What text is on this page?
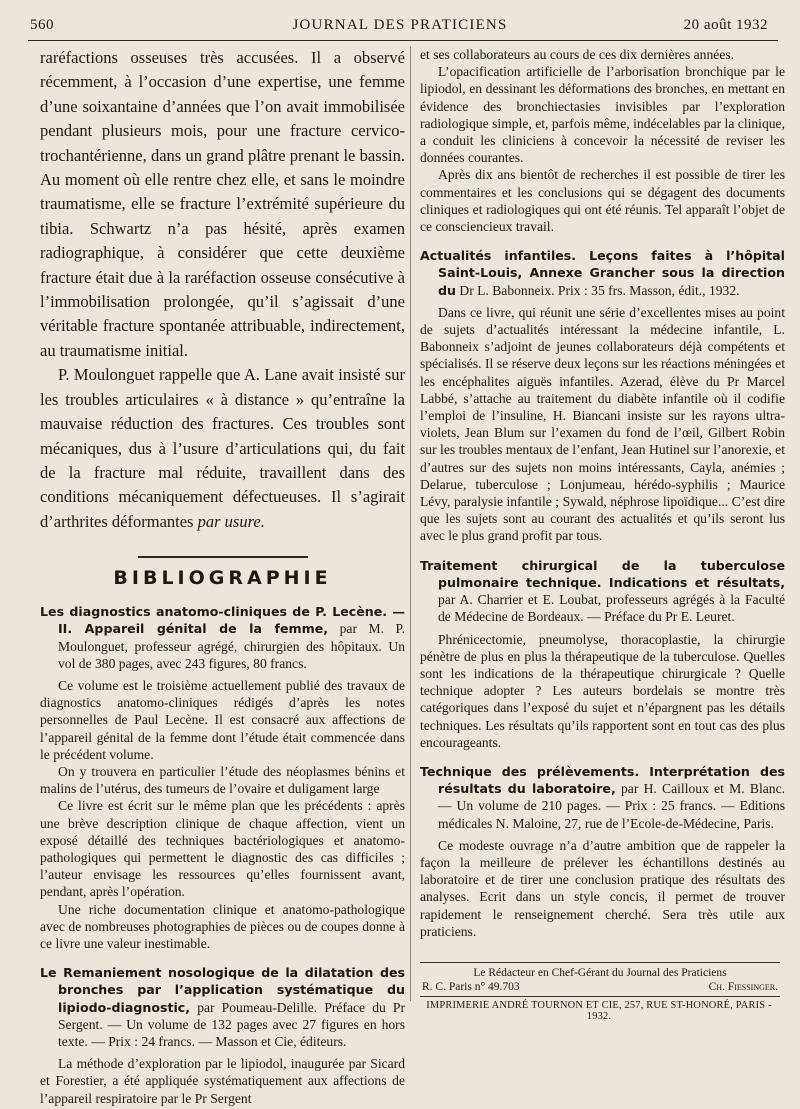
560	JOURNAL DES PRATICIENS	20 août 1932

raréfactions osseuses très accusées. Il a observé récemment, à l’occasion d’une expertise, une femme d’une soixantaine d’années que l’on avait immobilisée pendant plusieurs mois, pour une fracture cervico-trochantérienne, dans un grand plâtre prenant le bassin. Au moment où elle rentre chez elle, et sans le moindre traumatisme, elle se fracture l’extrémité supérieure du tibia. Schwartz n’a pas hésité, après examen radiographique, à considérer que cette deuxième fracture était due à la raréfaction osseuse consécutive à l’immobilisation prolongée, qu’il s’agissait d’une véritable fracture spontanée attribuable, indirectement, au traumatisme initial.

P. Moulonguet rappelle que A. Lane avait insisté sur les troubles articulaires « à distance » qu’entraîne la mauvaise réduction des fractures. Ces troubles sont mécaniques, dus à l’usure d’articulations qui, du fait de la fracture mal réduite, travaillent dans des conditions mécaniquement défectueuses. Il s’agirait d’arthrites déformantes par usure.

BIBLIOGRAPHIE

Les diagnostics anatomo-cliniques de P. Lecène. — II. Appareil génital de la femme, par M. P. Moulonguet, professeur agrégé, chirurgien des hôpitaux. Un vol de 380 pages, avec 243 figures, 80 francs.

Ce volume est le troisième actuellement publié des travaux de diagnostics anatomo-cliniques rédigés d’après les notes personnelles de Paul Lecène. Il est consacré aux affections de l’appareil génital de la femme dont l’étude était commencée dans le précédent volume.

On y trouvera en particulier l’étude des néoplasmes bénins et malins de l’utérus, des tumeurs de l’ovaire et duligament large

Ce livre est écrit sur le même plan que les précédents : après une brève description clinique de chaque affection, vient un exposé détaillé des techniques bactériologiques et anatomo-pathologiques qui permettent le diagnostic des cas difficiles ; l’auteur envisage les ressources qu’elles fournissent avant, pendant, après l’opération.

Une riche documentation clinique et anatomo-pathologique avec de nombreuses photographies de pièces ou de coupes donne à ce livre une valeur inestimable.

Le Remaniement nosologique de la dilatation des bronches par l’application systématique du lipiodo-diagnostic, par Poumeau-Delille. Préface du Pr Sergent. — Un volume de 132 pages avec 27 figures en hors texte. — Prix : 24 francs. — Masson et Cie, éditeurs.

La méthode d’exploration par le lipiodol, inaugurée par Sicard et Forestier, a été appliquée systématiquement aux affections de l’appareil respiratoire par le Pr Sergent

et ses collaborateurs au cours de ces dix dernières années.

L’opacification artificielle de l’arborisation bronchique par le lipiodol, en dessinant les déformations des bronches, en mettant en évidence des bronchiectasies invisibles par l’exploration radiologique simple, et, parfois même, indécelables par la clinique, a conduit les cliniciens à concevoir la nécessité de reviser les données courantes.

Après dix ans bientôt de recherches il est possible de tirer les commentaires et les conclusions qui se dégagent des documents cliniques et radiologiques qui ont été réunis. Tel apparaît l’objet de ce consciencieux travail.

Actualités infantiles. Leçons faites à l’hôpital Saint-Louis, Annexe Grancher sous la direction du Dr L. Babonneix. Prix : 35 frs. Masson, édit., 1932.

Dans ce livre, qui réunit une série d’excellentes mises au point de sujets d’actualités intéressant la médecine infantile, L. Babonneix s’adjoint de jeunes collaborateurs déjà compétents et spécialisés. Il se réserve deux leçons sur les réactions méningées et les encéphalites aiguës infantiles. Azerad, élève du Pr Marcel Labbé, s’attache au traitement du diabète infantile où il codifie l’emploi de l’insuline, H. Biancani insiste sur les rayons ultra-violets, Jean Blum sur l’examen du fond de l’œil, Gilbert Robin sur les troubles mentaux de l’enfant, Jean Hutinel sur l’anorexie, et d’autres sur des sujets non moins intéressants, Cayla, anémies ; Delarue, tuberculose ; Lonjumeau, hérédo-syphilis ; Maurice Lévy, paralysie infantile ; Sywald, néphrose lipoïdique... C’est dire que les sujets sont au courant des actualités et qu’ils seront lus avec le plus grand profit par tous.

Traitement chirurgical de la tuberculose pulmonaire technique. Indications et résultats, par A. Charrier et E. Loubat, professeurs agrégés à la Faculté de Médecine de Bordeaux. — Préface du Pr E. Leuret.

Phrénicectomie, pneumolyse, thoracoplastie, la chirurgie pénètre de plus en plus la thérapeutique de la tuberculose. Quelles sont les indications de la thérapeutique chirurgicale ? Quelle technique adopter ? Les auteurs bordelais se montre très catégoriques dans l’exposé du sujet et n’épargnent pas les détails techniques. Les résultats qu’ils rapportent sont en tout cas des plus encourageants.

Technique des prélèvements. Interprétation des résultats du laboratoire, par H. Cailloux et M. Blanc. — Un volume de 210 pages. — Prix : 25 francs. — Editions médicales N. Maloine, 27, rue de l’Ecole-de-Médecine, Paris.

Ce modeste ouvrage n’a d’autre ambition que de rappeler la façon la meilleure de prélever les échantillons destinés au laboratoire et de tirer une conclusion pratique des résultats des analyses. Ecrit dans un style concis, il permet de trouver rapidement le renseignement cherché. Sera très utile aux praticiens.

Le Rédacteur en Chef-Gérant du Journal des Praticiens
R. C. Paris n° 49.703	Ch. Fiessinger.
IMPRIMERIE ANDRÉ TOURNON ET CIE, 257, RUE ST-HONORÉ, PARIS - 1932.
